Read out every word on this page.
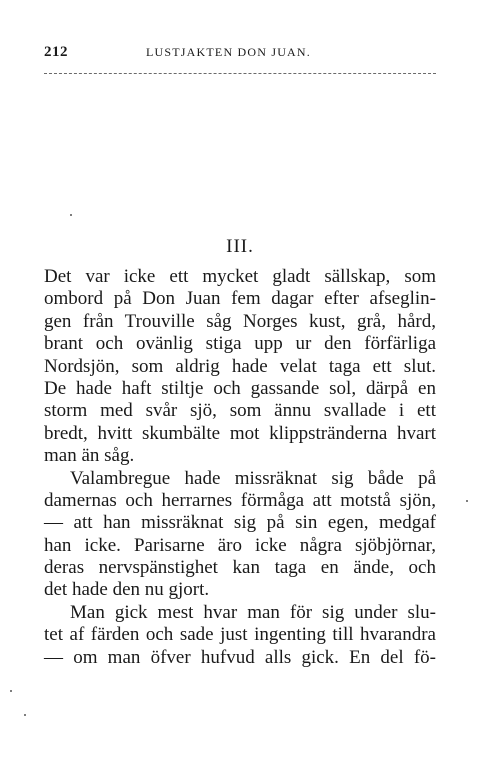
212	LUSTJAKTEN DON JUAN.
III.
Det var icke ett mycket gladt sällskap, som
ombord på Don Juan fem dagar efter afseglin-
gen från Trouville såg Norges kust, grå, hård,
brant och ovänlig stiga upp ur den förfärliga
Nordsjön, som aldrig hade velat taga ett slut.
De hade haft stiltje och gassande sol, därpå en
storm med svår sjö, som ännu svallade i ett
bredt, hvitt skumbälte mot klippstränderna hvart
man än såg.
Valambregue hade missräknat sig både på
damernas och herrarnes förmåga att motstå sjön,
— att han missräknat sig på sin egen, medgaf
han icke. Parisarne äro icke några sjöbjörnar,
deras nervspänstighet kan taga en ände, och
det hade den nu gjort.
Man gick mest hvar man för sig under slu-
tet af färden och sade just ingenting till hvarandra
— om man öfver hufvud alls gick. En del fö-
